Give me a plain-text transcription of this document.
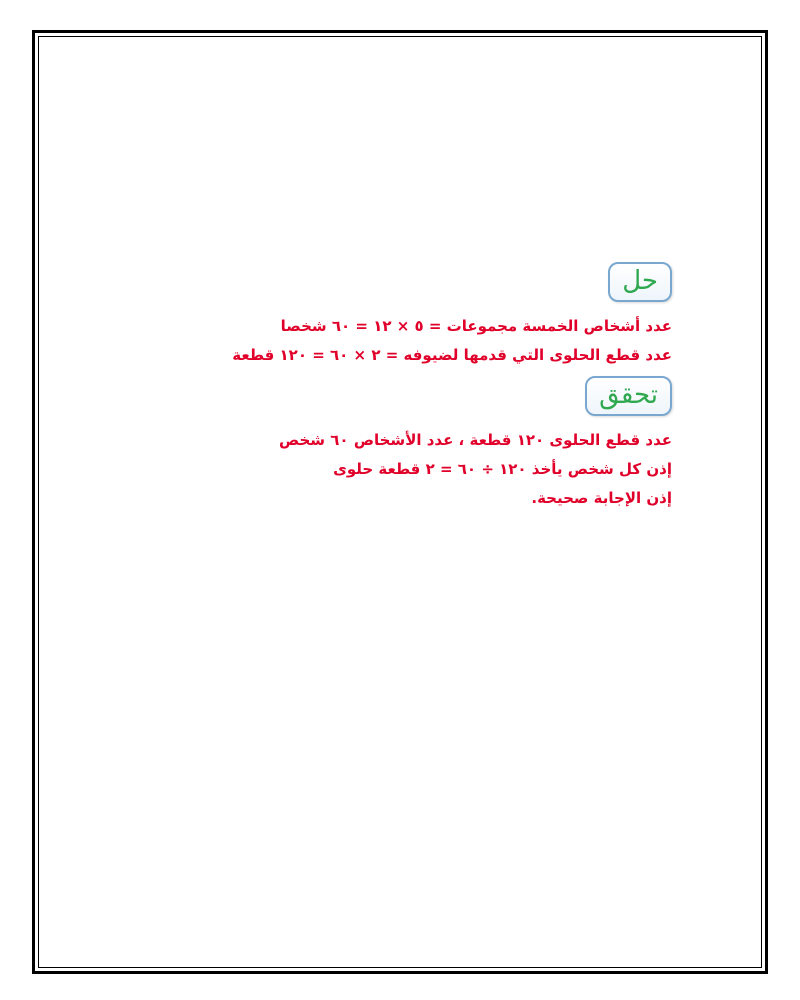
حل
عدد أشخاص الخمسة مجموعات = ٥ × ١٢ = ٦٠ شخصا
عدد قطع الحلوى التي قدمها لضيوفه = ٢ × ٦٠ = ١٢٠ قطعة
تحقق
عدد قطع الحلوى ١٢٠ قطعة ، عدد الأشخاص ٦٠ شخص
إذن كل شخص يأخذ ١٢٠ ÷ ٦٠ = ٢ قطعة حلوى
إذن الإجابة صحيحة.
